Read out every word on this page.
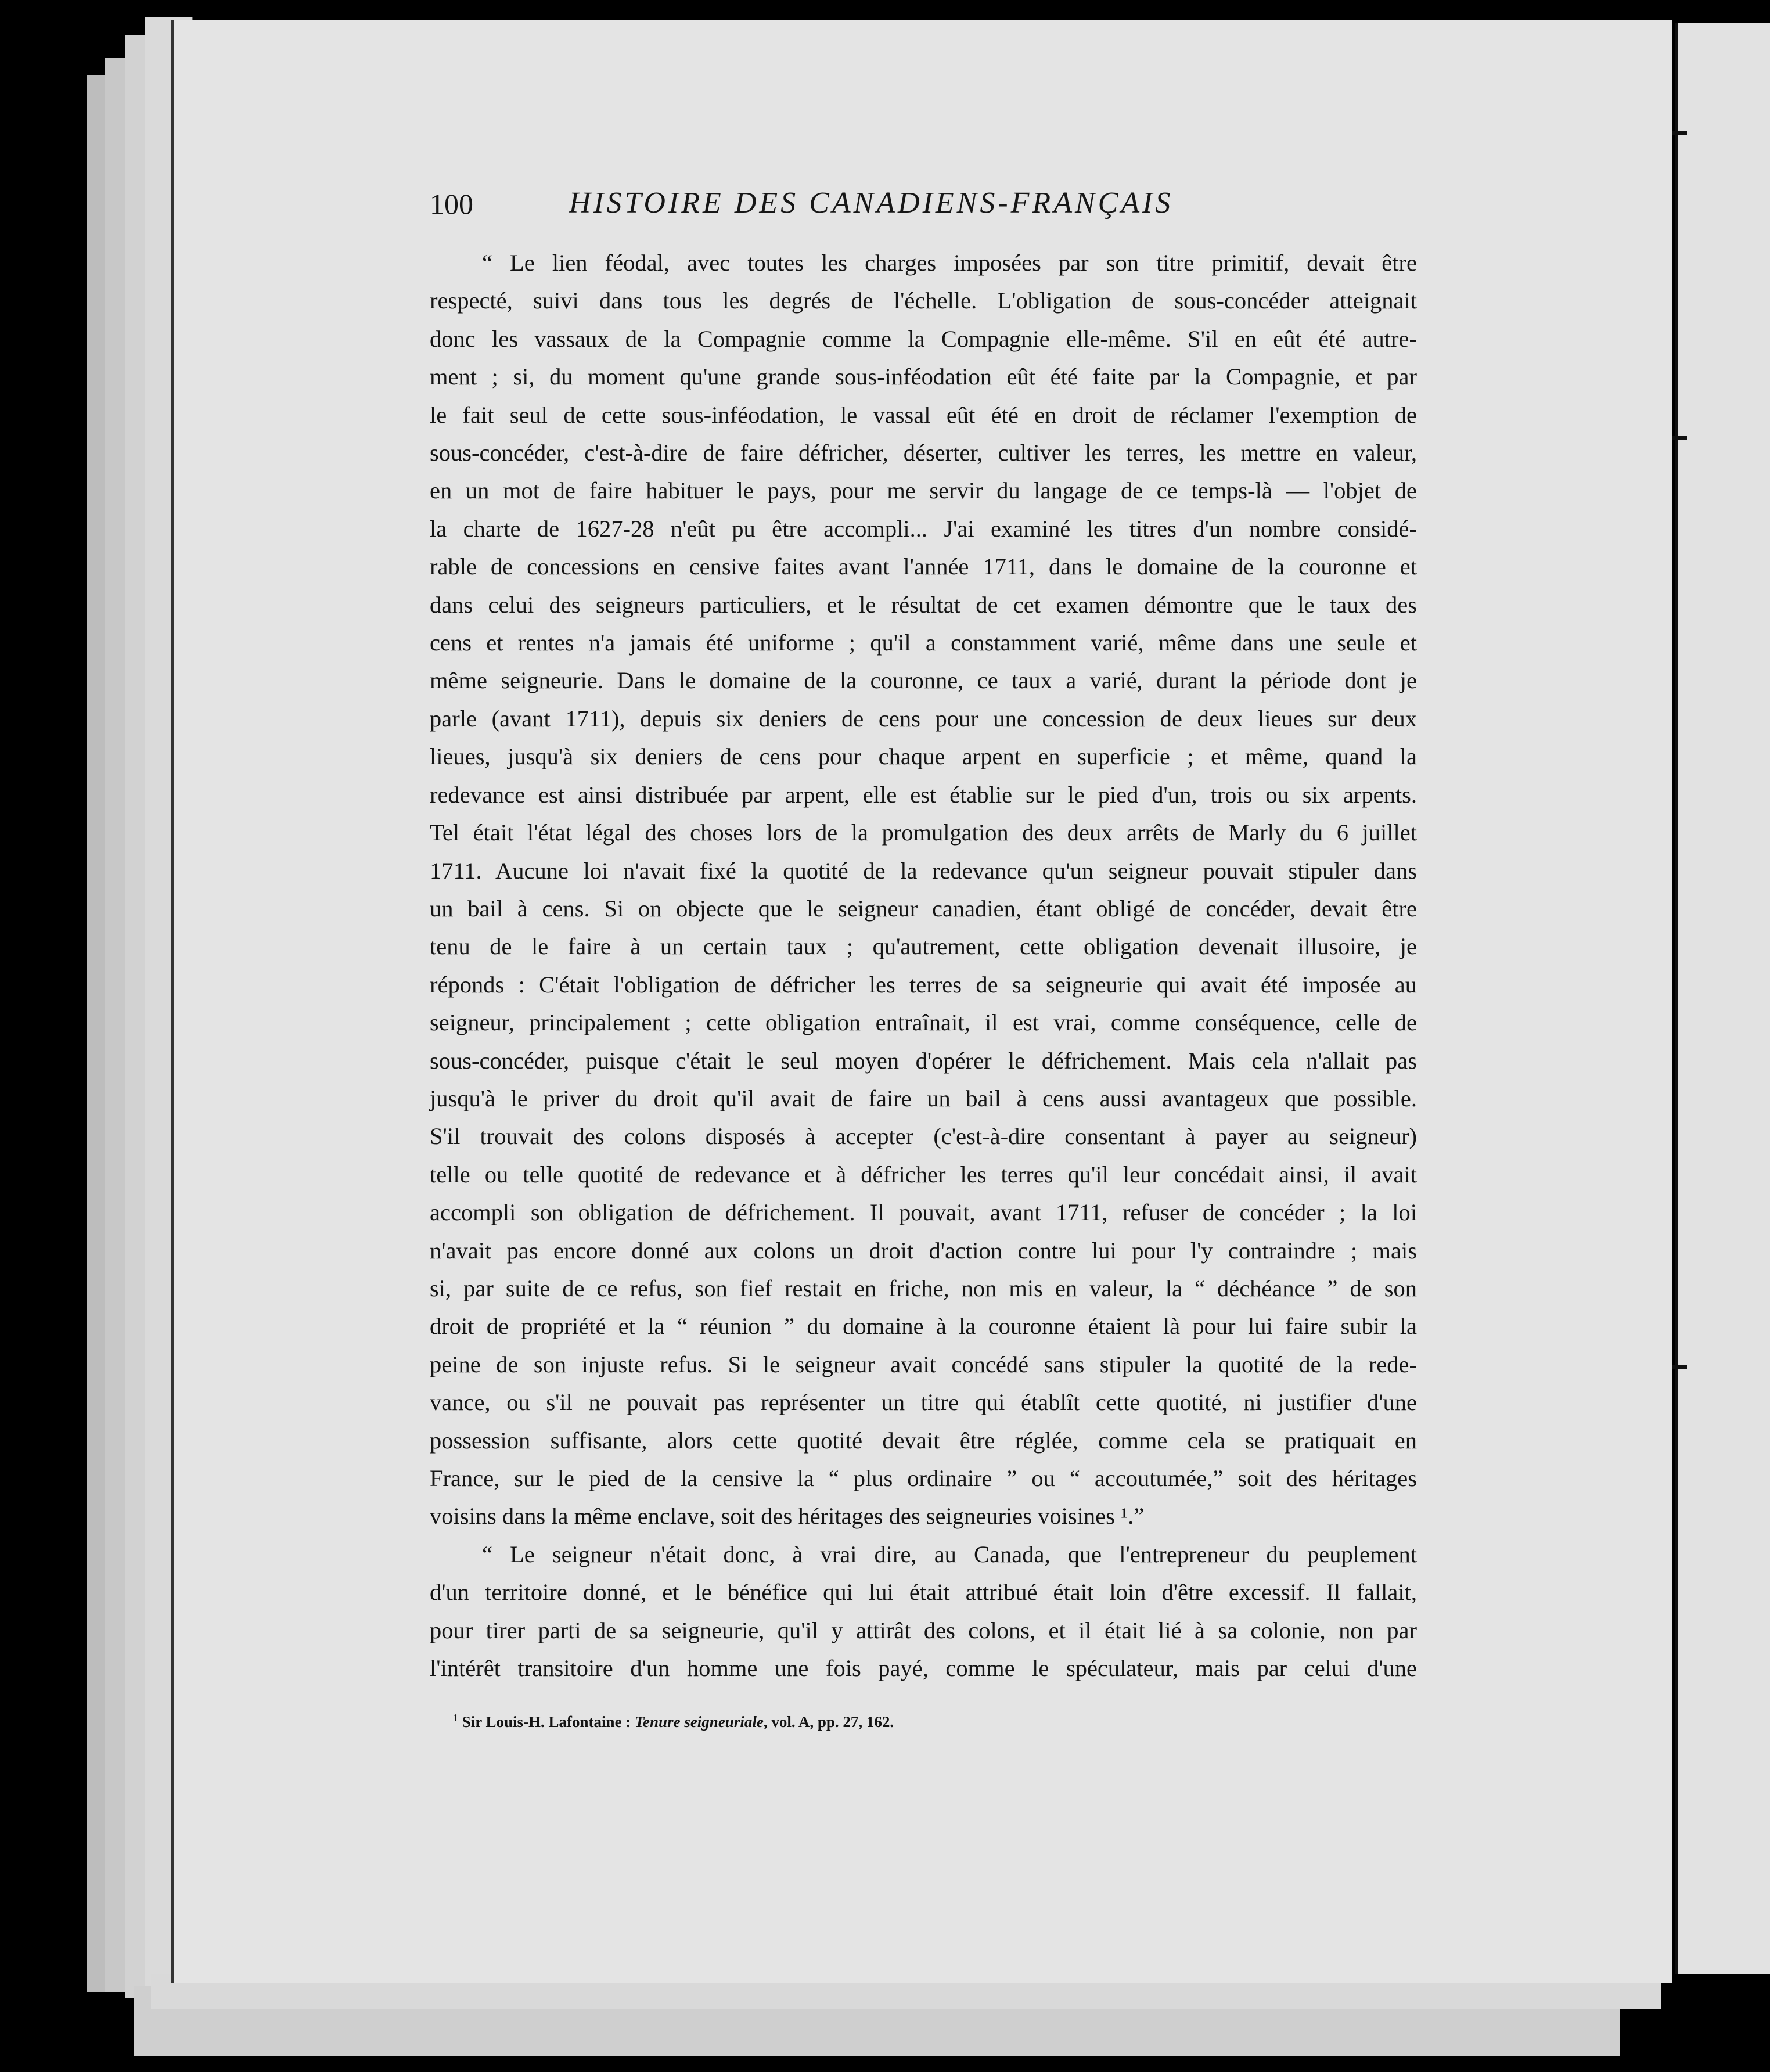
100	HISTOIRE DES CANADIENS-FRANÇAIS
“ Le lien féodal, avec toutes les charges imposées par son titre primitif, devait être
respecté, suivi dans tous les degrés de l'échelle. L'obligation de sous-concéder atteignait
donc les vassaux de la Compagnie comme la Compagnie elle-même. S'il en eût été autre-
ment ; si, du moment qu'une grande sous-inféodation eût été faite par la Compagnie, et par
le fait seul de cette sous-inféodation, le vassal eût été en droit de réclamer l'exemption de
sous-concéder, c'est-à-dire de faire défricher, déserter, cultiver les terres, les mettre en valeur,
en un mot de faire habituer le pays, pour me servir du langage de ce temps-là — l'objet de
la charte de 1627-28 n'eût pu être accompli... J'ai examiné les titres d'un nombre considé-
rable de concessions en censive faites avant l'année 1711, dans le domaine de la couronne et
dans celui des seigneurs particuliers, et le résultat de cet examen démontre que le taux des
cens et rentes n'a jamais été uniforme ; qu'il a constamment varié, même dans une seule et
même seigneurie. Dans le domaine de la couronne, ce taux a varié, durant la période dont je
parle (avant 1711), depuis six deniers de cens pour une concession de deux lieues sur deux
lieues, jusqu'à six deniers de cens pour chaque arpent en superficie ; et même, quand la
redevance est ainsi distribuée par arpent, elle est établie sur le pied d'un, trois ou six arpents.
Tel était l'état légal des choses lors de la promulgation des deux arrêts de Marly du 6 juillet
1711. Aucune loi n'avait fixé la quotité de la redevance qu'un seigneur pouvait stipuler dans
un bail à cens. Si on objecte que le seigneur canadien, étant obligé de concéder, devait être
tenu de le faire à un certain taux ; qu'autrement, cette obligation devenait illusoire, je
réponds : C'était l'obligation de défricher les terres de sa seigneurie qui avait été imposée au
seigneur, principalement ; cette obligation entraînait, il est vrai, comme conséquence, celle de
sous-concéder, puisque c'était le seul moyen d'opérer le défrichement. Mais cela n'allait pas
jusqu'à le priver du droit qu'il avait de faire un bail à cens aussi avantageux que possible.
S'il trouvait des colons disposés à accepter (c'est-à-dire consentant à payer au seigneur)
telle ou telle quotité de redevance et à défricher les terres qu'il leur concédait ainsi, il avait
accompli son obligation de défrichement. Il pouvait, avant 1711, refuser de concéder ; la loi
n'avait pas encore donné aux colons un droit d'action contre lui pour l'y contraindre ; mais
si, par suite de ce refus, son fief restait en friche, non mis en valeur, la “ déchéance ” de son
droit de propriété et la “ réunion ” du domaine à la couronne étaient là pour lui faire subir la
peine de son injuste refus. Si le seigneur avait concédé sans stipuler la quotité de la rede-
vance, ou s'il ne pouvait pas représenter un titre qui établît cette quotité, ni justifier d'une
possession suffisante, alors cette quotité devait être réglée, comme cela se pratiquait en
France, sur le pied de la censive la “ plus ordinaire ” ou “ accoutumée,” soit des héritages
voisins dans la même enclave, soit des héritages des seigneuries voisines ¹.”
“ Le seigneur n'était donc, à vrai dire, au Canada, que l'entrepreneur du peuplement
d'un territoire donné, et le bénéfice qui lui était attribué était loin d'être excessif. Il fallait,
pour tirer parti de sa seigneurie, qu'il y attirât des colons, et il était lié à sa colonie, non par
l'intérêt transitoire d'un homme une fois payé, comme le spéculateur, mais par celui d'une
$^1$ Sir Louis-H. Lafontaine : Tenure seigneuriale, vol. A, pp. 27, 162.
